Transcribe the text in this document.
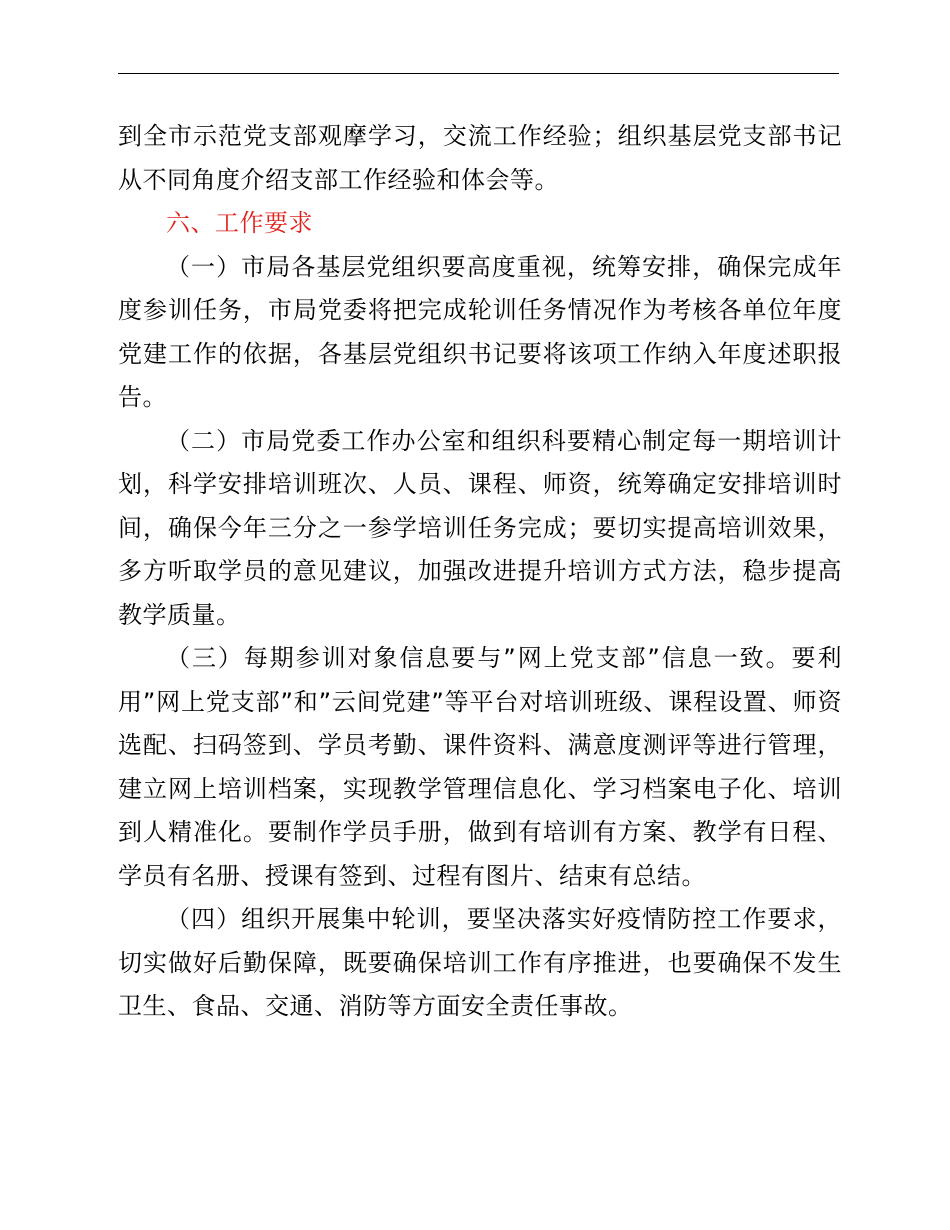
到全市示范党支部观摩学习，交流工作经验；组织基层党支部书记从不同角度介绍支部工作经验和体会等。

六、工作要求

（一）市局各基层党组织要高度重视，统筹安排，确保完成年度参训任务，市局党委将把完成轮训任务情况作为考核各单位年度党建工作的依据，各基层党组织书记要将该项工作纳入年度述职报告。

（二）市局党委工作办公室和组织科要精心制定每一期培训计划，科学安排培训班次、人员、课程、师资，统筹确定安排培训时间，确保今年三分之一参学培训任务完成；要切实提高培训效果，多方听取学员的意见建议，加强改进提升培训方式方法，稳步提高教学质量。

（三）每期参训对象信息要与”网上党支部”信息一致。要利用”网上党支部”和”云间党建”等平台对培训班级、课程设置、师资选配、扫码签到、学员考勤、课件资料、满意度测评等进行管理，建立网上培训档案，实现教学管理信息化、学习档案电子化、培训到人精准化。要制作学员手册，做到有培训有方案、教学有日程、学员有名册、授课有签到、过程有图片、结束有总结。

（四）组织开展集中轮训，要坚决落实好疫情防控工作要求，切实做好后勤保障，既要确保培训工作有序推进，也要确保不发生卫生、食品、交通、消防等方面安全责任事故。
